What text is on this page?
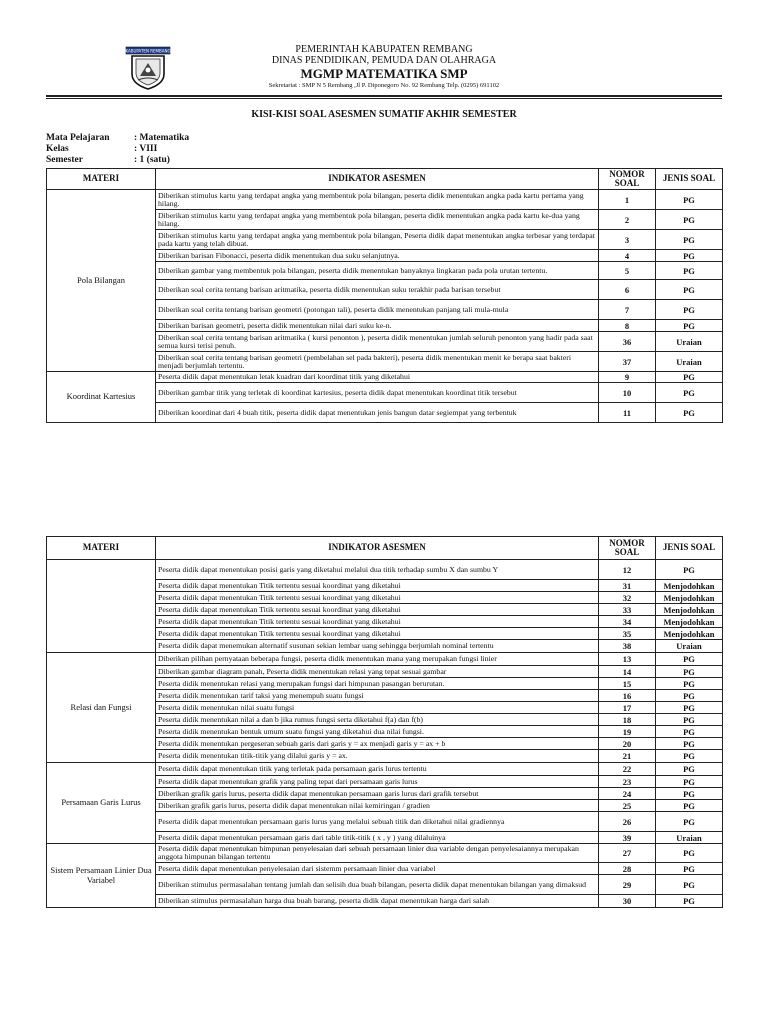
KABUPATEN REMBANG	PEMERINTAH KABUPATEN REMBANG
DINAS PENDIDIKAN, PEMUDA DAN OLAHRAGA
MGMP MATEMATIKA SMP
Sekretariat : SMP N 5 Rembang ,Jl P. Diponegoro No. 92 Rembang Telp. (0295) 691102
KISI-KISI SOAL ASESMEN SUMATIF AKHIR SEMESTER
Mata Pelajaran	: Matematika
Kelas	: VIII
Semester	: 1 (satu)
MATERI	INDIKATOR ASESMEN	NOMOR SOAL	JENIS SOAL
Pola Bilangan	Diberikan stimulus kartu yang terdapat angka yang membentuk pola bilangan, peserta didik menentukan angka pada kartu pertama yang hilang.	1	PG
	Diberikan stimulus kartu yang terdapat angka yang membentuk pola bilangan, peserta didik menentukan angka pada kartu ke-dua yang hilang.	2	PG
	Diberikan stimulus kartu yang terdapat angka yang membentuk pola bilangan, Peserta didik dapat menentukan angka terbesar yang terdapat pada kartu yang telah dibuat.	3	PG
	Diberikan barisan Fibonacci, peserta didik menentukan dua suku selanjutnya.	4	PG
	Diberikan gambar yang membentuk pola bilangan, peserta didik menentukan banyaknya lingkaran pada pola urutan tertentu.	5	PG
	Diberikan soal cerita tentang barisan aritmatika, peserta didik menentukan suku terakhir pada barisan tersebut	6	PG
	Diberikan soal cerita tentang barisan geometri (potongan tali), peserta didik menentukan panjang tali mula-mula	7	PG
	Diberikan barisan geometri, peserta didik menentukan nilai dari suku ke-n.	8	PG
	Diberikan soal cerita tentang barisan aritmatika ( kursi penonton ), peserta didik menentukan jumlah seluruh penonton yang hadir pada saat semua kursi terisi penuh.	36	Uraian
	Diberikan soal cerita tentang barisan geometri (pembelahan sel pada bakteri), peserta didik menentukan menit ke berapa saat bakteri menjadi berjumlah tertentu.	37	Uraian
Koordinat Kartesius	Peserta didik dapat menentukan letak kuadran dari koordinat titik yang diketahui	9	PG
	Diberikan gambar titik yang terletak di koordinat kartesius, peserta didik dapat menentukan koordinat titik tersebut	10	PG
	Diberikan koordinat dari 4 buah titik, peserta didik dapat menentukan jenis bangun datar segiempat yang terbentuk	11	PG
MATERI	INDIKATOR ASESMEN	NOMOR SOAL	JENIS SOAL
	Peserta didik dapat menentukan posisi garis yang diketahui melalui dua titik terhadap sumbu X dan sumbu Y	12	PG
	Peserta didik dapat menentukan Titik tertentu sesuai koordinat yang diketahui	31	Menjodohkan
	Peserta didik dapat menentukan Titik tertentu sesuai koordinat yang diketahui	32	Menjodohkan
	Peserta didik dapat menentukan Titik tertentu sesuai koordinat yang diketahui	33	Menjodohkan
	Peserta didik dapat menentukan Titik tertentu sesuai koordinat yang diketahui	34	Menjodohkan
	Peserta didik dapat menentukan Titik tertentu sesuai koordinat yang diketahui	35	Menjodohkan
	Peserta didik dapat menemukan alternatif susunan sekian lembar uang sehingga berjumlah nominal tertentu	38	Uraian
Relasi dan Fungsi	Diberikan pilihan pernyataan beberapa fungsi, peserta didik menentukan mana yang merupakan fungsi linier	13	PG
	Diberikan gambar diagram panah, Peserta didik menentukan relasi yang tepat sesuai gambar	14	PG
	Peserta didik menentukan relasi yang merupakan fungsi dari himpunan pasangan berurutan.	15	PG
	Peserta didik menentukan tarif taksi yang menempuh suatu fungsi	16	PG
	Peserta didik menentukan nilai suatu fungsi	17	PG
	Peserta didik menentukan nilai a dan b jika rumus fungsi serta diketahui f(a) dan f(b)	18	PG
	Peserta didik menentukan bentuk umum suatu fungsi yang diketahui dua nilai fungsi.	19	PG
	Peserta didik menentukan pergeseran sebuah garis dari garis y = ax menjadi garis y = ax + b	20	PG
	Peserta didik menentukan titik-titik yang dilalui garis y = ax.	21	PG
Persamaan Garis Lurus	Peserta didik dapat menentukan titik yang terletak pada persamaan garis lurus tertentu	22	PG
	Peserta didik dapat menentukan grafik yang paling tepat dari persamaan garis lurus	23	PG
	Diberikan grafik garis lurus, peserta didik dapat menentukan persamaan garis lurus dari grafik tersebut	24	PG
	Diberikan grafik garis lurus, peserta didik dapat menentukan nilai kemiringan / gradien	25	PG
	Peserta didik dapat menentukan persamaan garis lurus yang melalui sebuah titik dan diketahui nilai gradiennya	26	PG
	Peserta didik dapat menentukan persamaan garis dari table titik-titik ( x , y ) yang dilaluinya	39	Uraian
Sistem Persamaan Linier Dua Variabel	Peserta didik dapat menentukan himpunan penyelesaian dari sebuah persamaan linier dua variable dengan penyelesaiannya merupakan anggota himpunan bilangan tertentu	27	PG
	Peserta didik dapat menentukan penyelesaian dari sistemm persamaan linier dua variabel	28	PG
	Diberikan stimulus permasalahan tentang jumlah dan selisih dua buah bilangan, peserta didik dapat menentukan bilangan yang dimaksud	29	PG
	Diberikan stimulus permasalahan harga dua buah barang, peserta didik dapat menentukan harga dari salah	30	PG
